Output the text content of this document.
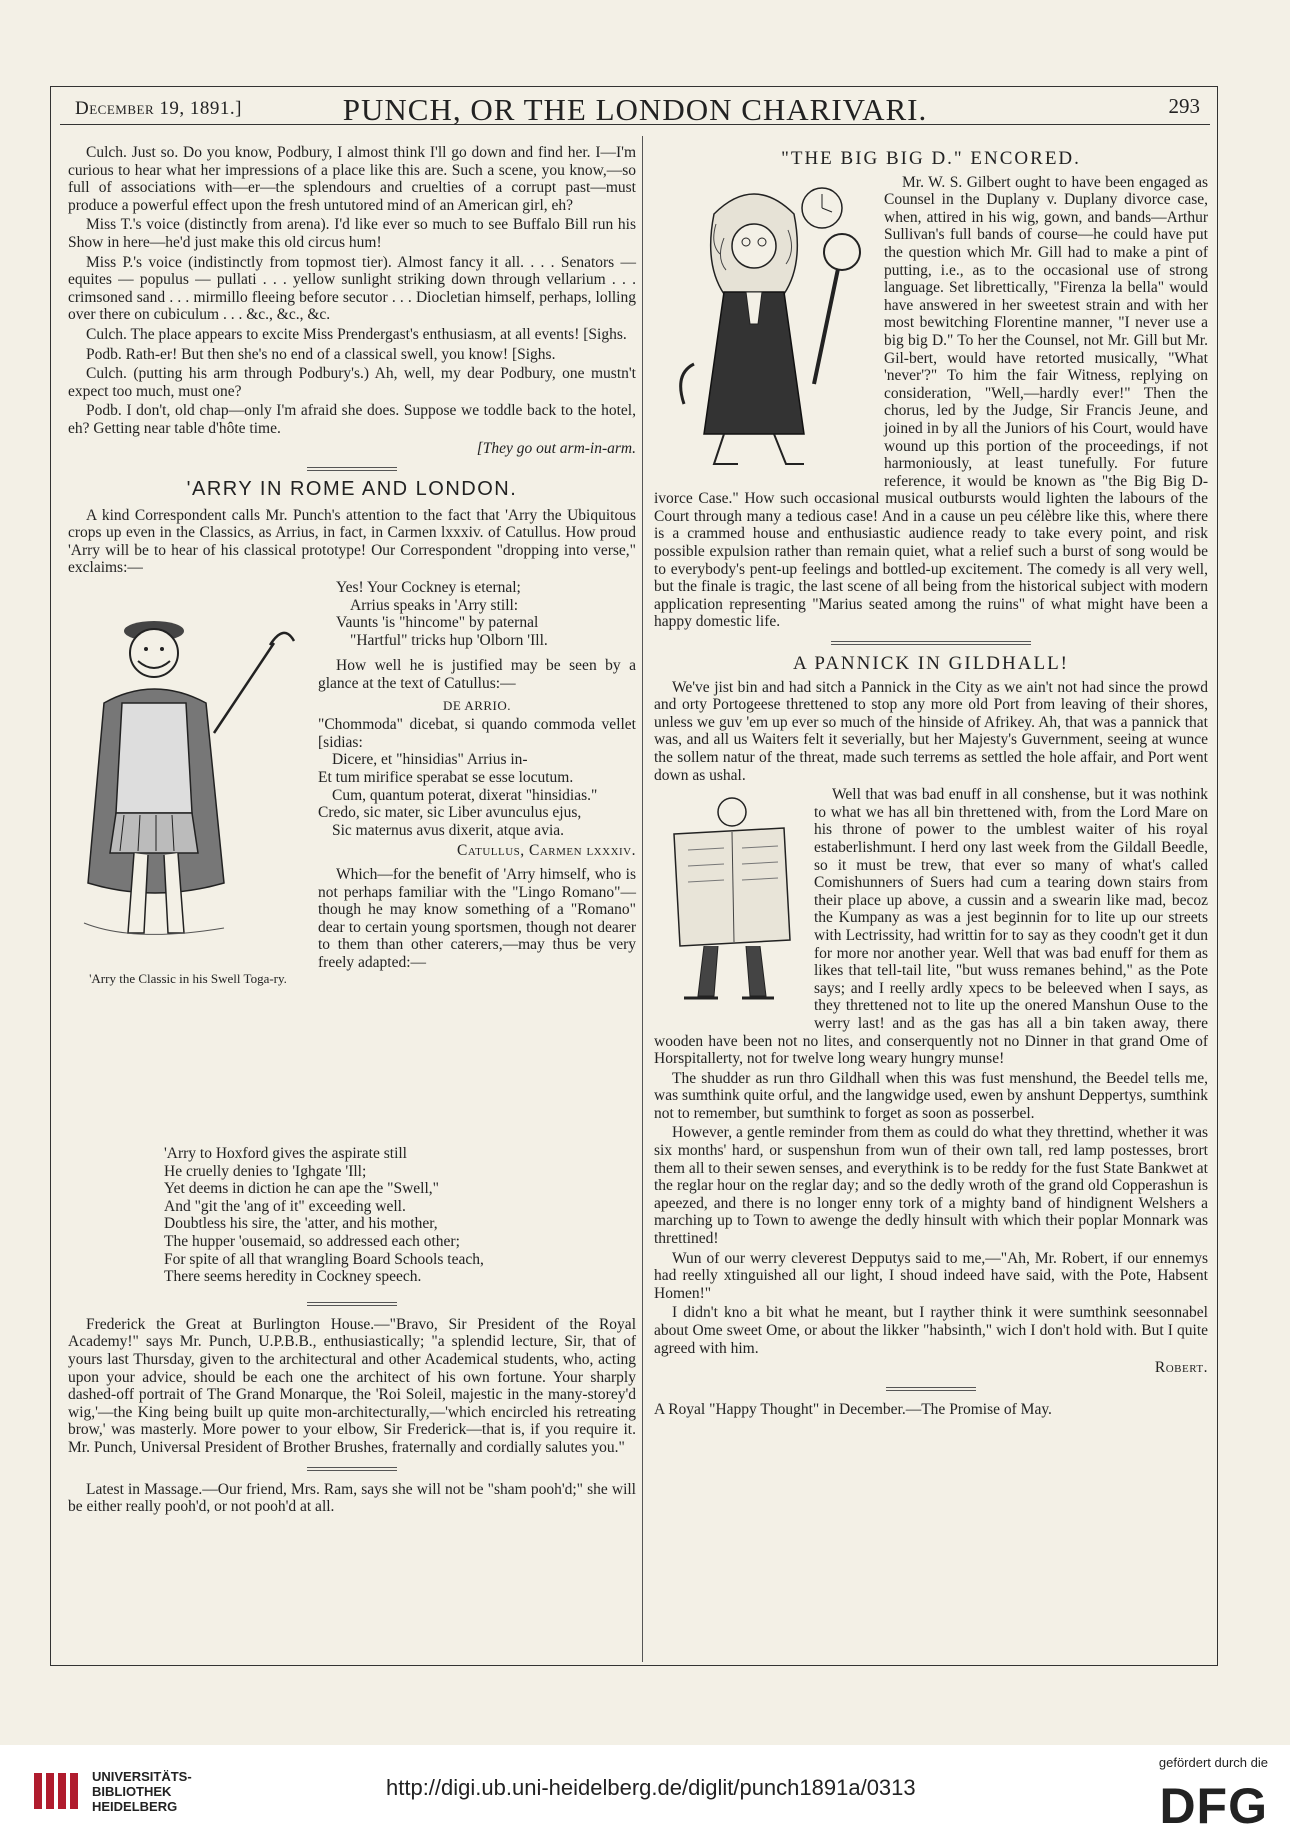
December 19, 1891.]	PUNCH, OR THE LONDON CHARIVARI.	293

Culch. Just so. Do you know, Podbury, I almost think I'll go down and find her. I—I'm curious to hear what her impressions of a place like this are. Such a scene, you know,—so full of associations with—er—the splendours and cruelties of a corrupt past—must produce a powerful effect upon the fresh untutored mind of an American girl, eh?

Miss T.'s voice (distinctly from arena). I'd like ever so much to see Buffalo Bill run his Show in here—he'd just make this old circus hum!

Miss P.'s voice (indistinctly from topmost tier). Almost fancy it all. . . . Senators — equites — populus — pullati . . . yellow sunlight striking down through vellarium . . . crimsoned sand . . . mirmillo fleeing before secutor . . . Diocletian himself, perhaps, lolling over there on cubiculum . . . &c., &c., &c.

Culch. The place appears to excite Miss Prendergast's enthusiasm, at all events! [Sighs.

Podb. Rath-er! But then she's no end of a classical swell, you know! [Sighs.

Culch. (putting his arm through Podbury's.) Ah, well, my dear Podbury, one mustn't expect too much, must one?

Podb. I don't, old chap—only I'm afraid she does. Suppose we toddle back to the hotel, eh? Getting near table d'hôte time.

[They go out arm-in-arm.

'ARRY IN ROME AND LONDON.

A kind Correspondent calls Mr. Punch's attention to the fact that 'Arry the Ubiquitous crops up even in the Classics, as Arrius, in fact, in Carmen lxxxiv. of Catullus. How proud 'Arry will be to hear of his classical prototype! Our Correspondent "dropping into verse," exclaims:—

'Arry the Classic in his Swell Toga-ry.
Yes! Your Cockney is eternal;
Arrius speaks in 'Arry still:
Vaunts 'is "hincome" by paternal
"Hartful" tricks hup 'Olborn 'Ill.

How well he is justified may be seen by a glance at the text of Catullus:—

DE ARRIO.
"Chommoda" dicebat, si quando commoda vellet [sidias:
Dicere, et "hinsidias" Arrius in-
Et tum mirifice sperabat se esse locutum.
Cum, quantum poterat, dixerat "hinsidias."
Credo, sic mater, sic Liber avunculus ejus,
Sic maternus avus dixerit, atque avia.
Catullus, Carmen lxxxiv.

Which—for the benefit of 'Arry himself, who is not perhaps familiar with the "Lingo Romano"—though he may know something of a "Romano" dear to certain young sportsmen, though not dearer to them than other caterers,—may thus be very freely adapted:—

'Arry to Hoxford gives the aspirate still
He cruelly denies to 'Ighgate 'Ill;
Yet deems in diction he can ape the "Swell,"
And "git the 'ang of it" exceeding well.
Doubtless his sire, the 'atter, and his mother,
The hupper 'ousemaid, so addressed each other;
For spite of all that wrangling Board Schools teach,
There seems heredity in Cockney speech.

Frederick the Great at Burlington House.—"Bravo, Sir President of the Royal Academy!" says Mr. Punch, U.P.B.B., enthusiastically; "a splendid lecture, Sir, that of yours last Thursday, given to the architectural and other Academical students, who, acting upon your advice, should be each one the architect of his own fortune. Your sharply dashed-off portrait of The Grand Monarque, the 'Roi Soleil, majestic in the many-storey'd wig,'—the King being built up quite mon-architecturally,—'which encircled his retreating brow,' was masterly. More power to your elbow, Sir Frederick—that is, if you require it. Mr. Punch, Universal President of Brother Brushes, fraternally and cordially salutes you."

Latest in Massage.—Our friend, Mrs. Ram, says she will not be "sham pooh'd;" she will be either really pooh'd, or not pooh'd at all.

"THE BIG BIG D." ENCORED.

Mr. W. S. Gilbert ought to have been engaged as Counsel in the Duplany v. Duplany divorce case, when, attired in his wig, gown, and bands—Arthur Sullivan's full bands of course—he could have put the question which Mr. Gill had to make a pint of putting, i.e., as to the occasional use of strong language. Set librettically, "Firenza la bella" would have answered in her sweetest strain and with her most bewitching Florentine manner, "I never use a big big D." To her the Counsel, not Mr. Gill but Mr. Gil-bert, would have retorted musically, "What 'never'?" To him the fair Witness, replying on consideration, "Well,—hardly ever!" Then the chorus, led by the Judge, Sir Francis Jeune, and joined in by all the Juniors of his Court, would have wound up this portion of the proceedings, if not harmoniously, at least tunefully. For future reference, it would be known as "the Big Big D-ivorce Case." How such occasional musical outbursts would lighten the labours of the Court through many a tedious case! And in a cause un peu célèbre like this, where there is a crammed house and enthusiastic audience ready to take every point, and risk possible expulsion rather than remain quiet, what a relief such a burst of song would be to everybody's pent-up feelings and bottled-up excitement. The comedy is all very well, but the finale is tragic, the last scene of all being from the historical subject with modern application representing "Marius seated among the ruins" of what might have been a happy domestic life.

A PANNICK IN GILDHALL!

We've jist bin and had sitch a Pannick in the City as we ain't not had since the prowd and orty Portogeese threttened to stop any more old Port from leaving of their shores, unless we guv 'em up ever so much of the hinside of Afrikey. Ah, that was a pannick that was, and all us Waiters felt it severially, but her Majesty's Guvernment, seeing at wunce the sollem natur of the threat, made such terrems as settled the hole affair, and Port went down as ushal.

Well that was bad enuff in all conshense, but it was nothink to what we has all bin threttened with, from the Lord Mare on his throne of power to the umblest waiter of his royal estaberlishmunt. I herd ony last week from the Gildall Beedle, so it must be trew, that ever so many of what's called Comishunners of Suers had cum a tearing down stairs from their place up above, a cussin and a swearin like mad, becoz the Kumpany as was a jest beginnin for to lite up our streets with Lectrissity, had writtin for to say as they coodn't get it dun for more nor another year. Well that was bad enuff for them as likes that tell-tail lite, "but wuss remanes behind," as the Pote says; and I reelly ardly xpecs to be beleeved when I says, as they threttened not to lite up the onered Manshun Ouse to the werry last! and as the gas has all a bin taken away, there wooden have been not no lites, and conserquently not no Dinner in that grand Ome of Horspitallerty, not for twelve long weary hungry munse!

The shudder as run thro Gildhall when this was fust menshund, the Beedel tells me, was sumthink quite orful, and the langwidge used, ewen by anshunt Deppertys, sumthink not to remember, but sumthink to forget as soon as posserbel.

However, a gentle reminder from them as could do what they threttind, whether it was six months' hard, or suspenshun from wun of their own tall, red lamp postesses, brort them all to their sewen senses, and everythink is to be reddy for the fust State Bankwet at the reglar hour on the reglar day; and so the dedly wroth of the grand old Copperashun is apeezed, and there is no longer enny tork of a mighty band of hindignent Welshers a marching up to Town to awenge the dedly hinsult with which their poplar Monnark was threttined!

Wun of our werry cleverest Depputys said to me,—"Ah, Mr. Robert, if our ennemys had reelly xtinguished all our light, I shoud indeed have said, with the Pote, Habsent Homen!"

I didn't kno a bit what he meant, but I rayther think it were sumthink seesonnabel about Ome sweet Ome, or about the likker "habsinth," wich I don't hold with. But I quite agreed with him.

Robert.

A Royal "Happy Thought" in December.—The Promise of May.

UNIVERSITÄTS-
BIBLIOTHEK
HEIDELBERG
http://digi.ub.uni-heidelberg.de/diglit/punch1891a/0313
gefördert durch die
DFG
